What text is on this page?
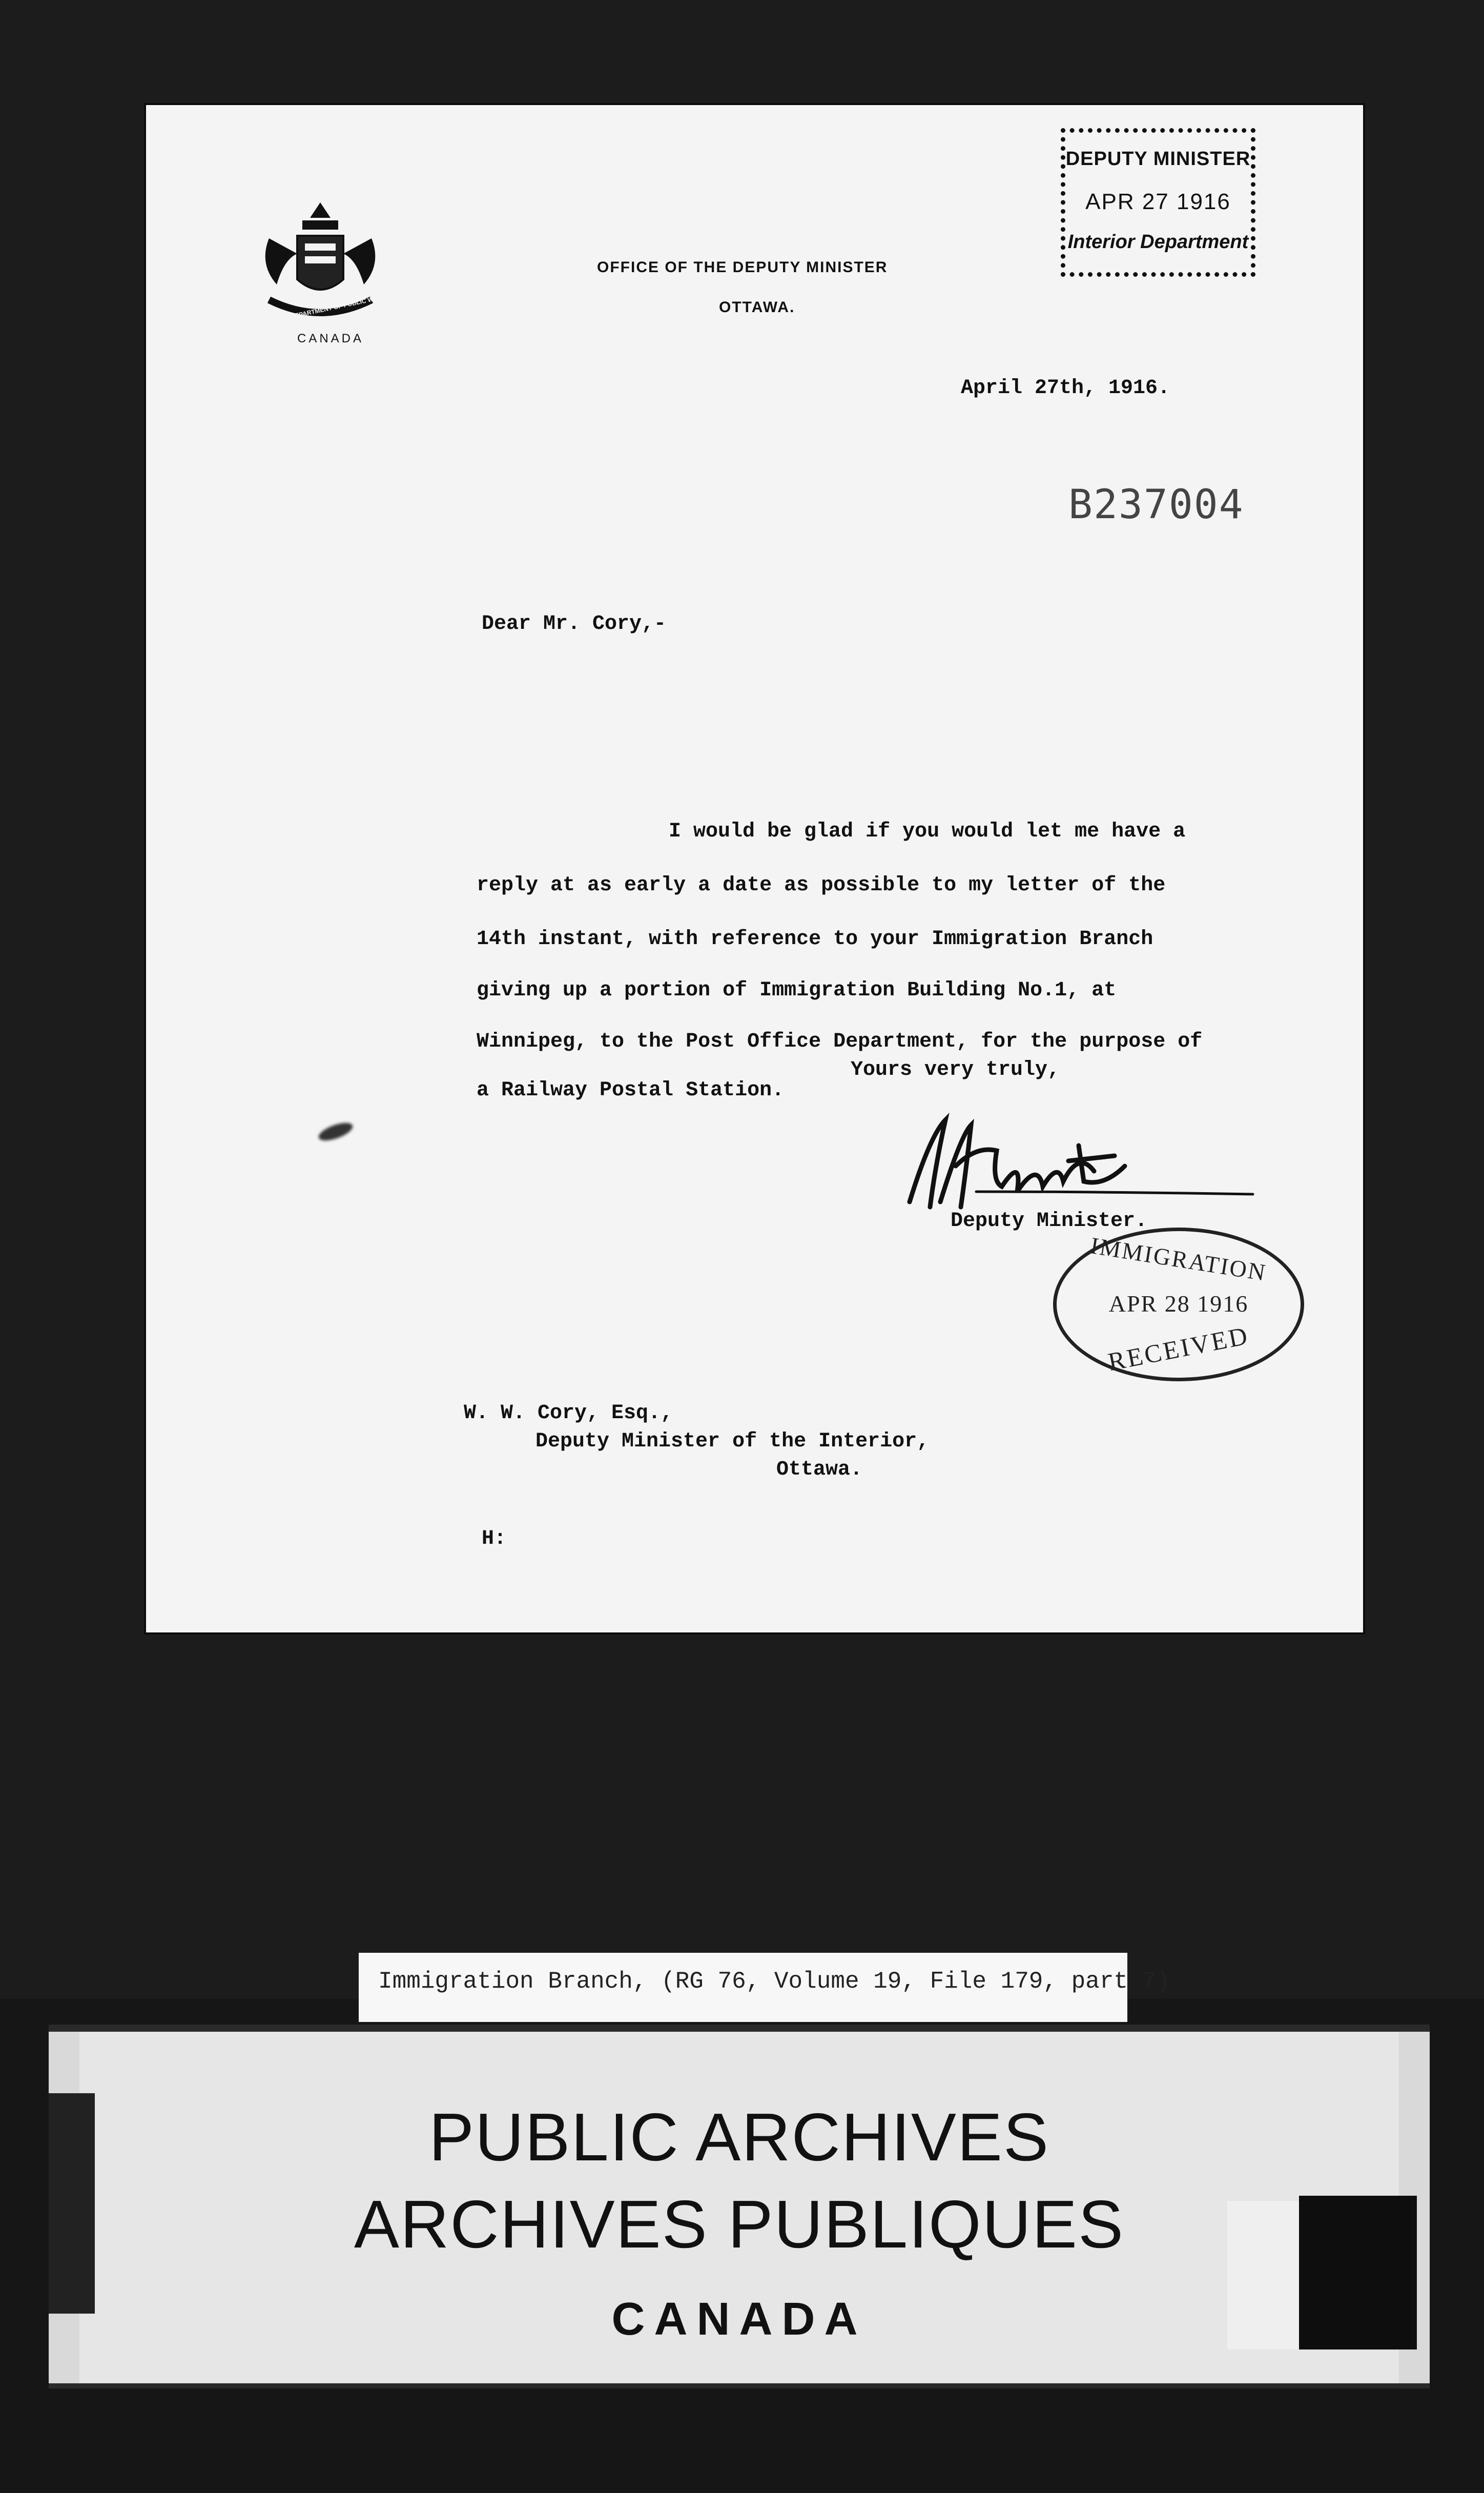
DEPARTMENT OF PUBLIC WORKS
CANADA
OFFICE OF THE DEPUTY MINISTER
OTTAWA.
DEPUTY MINISTER
APR 27 1916
Interior Department
April 27th, 1916.
B237004
Dear Mr. Cory,-
I would be glad if you would let me have a
reply at as early a date as possible to my letter of the
14th instant, with reference to your Immigration Branch
giving up a portion of Immigration Building No.1, at
Winnipeg, to the Post Office Department, for the purpose of
a Railway Postal Station.
Yours very truly,
Deputy Minister.
IMMIGRATION
APR 28 1916
RECEIVED
W. W. Cory, Esq.,
Deputy Minister of the Interior,
Ottawa.
H:
Immigration Branch, (RG 76, Volume 19, File 179, part 7)
PUBLIC ARCHIVES
ARCHIVES PUBLIQUES
CANADA
